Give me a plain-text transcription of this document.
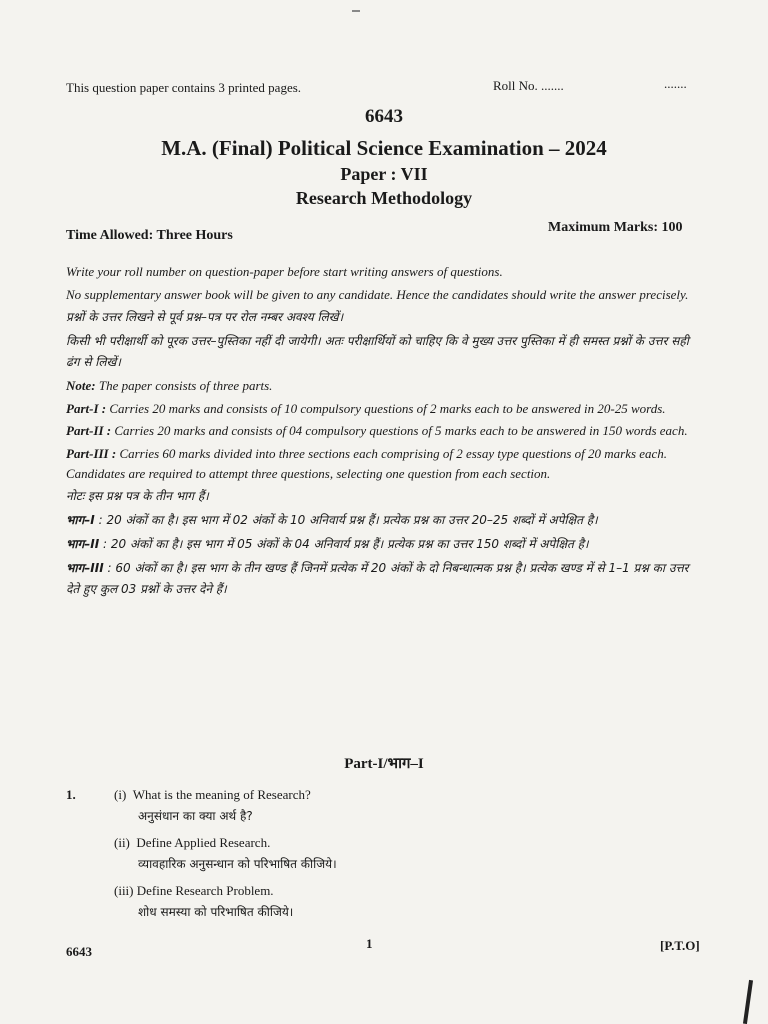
This question paper contains 3 printed pages.	Roll No. .......	.......
6643
M.A. (Final) Political Science Examination – 2024
Paper : VII
Research Methodology
Time Allowed: Three Hours
Maximum Marks: 100

Write your roll number on question-paper before start writing answers of questions.

No supplementary answer book will be given to any candidate. Hence the candidates should write the answer precisely.

प्रश्नों के उत्तर लिखने से पूर्व प्रश्न–पत्र पर रोल नम्बर अवश्य लिखें।

किसी भी परीक्षार्थी को पूरक उत्तर–पुस्तिका नहीं दी जायेगी। अतः परीक्षार्थियों को चाहिए कि वे मुख्य उत्तर पुस्तिका में ही समस्त प्रश्नों के उत्तर सही ढंग से लिखें।

Note: The paper consists of three parts.

Part-I : Carries 20 marks and consists of 10 compulsory questions of 2 marks each to be answered in 20-25 words.

Part-II : Carries 20 marks and consists of 04 compulsory questions of 5 marks each to be answered in 150 words each.

Part-III : Carries 60 marks divided into three sections each comprising of 2 essay type questions of 20 marks each. Candidates are required to attempt three questions, selecting one question from each section.

नोटः इस प्रश्न पत्र के तीन भाग हैं।

भाग–I : 20 अंकों का है। इस भाग में 02 अंकों के 10 अनिवार्य प्रश्न हैं। प्रत्येक प्रश्न का उत्तर 20–25 शब्दों में अपेक्षित है।

भाग–II : 20 अंकों का है। इस भाग में 05 अंकों के 04 अनिवार्य प्रश्न हैं। प्रत्येक प्रश्न का उत्तर 150 शब्दों में अपेक्षित है।

भाग–III : 60 अंकों का है। इस भाग के तीन खण्ड हैं जिनमें प्रत्येक में 20 अंकों के दो निबन्धात्मक प्रश्न है। प्रत्येक खण्ड में से 1–1 प्रश्न का उत्तर देते हुए कुल 03 प्रश्नों के उत्तर देने हैं।

Part-I/भाग–I
1.	(i) What is the meaning of Research?
अनुसंधान का क्या अर्थ है?
(ii) Define Applied Research.
व्यावहारिक अनुसन्धान को परिभाषित कीजिये।
(iii) Define Research Problem.
शोध समस्या को परिभाषित कीजिये।
6643
1	[P.T.O]
